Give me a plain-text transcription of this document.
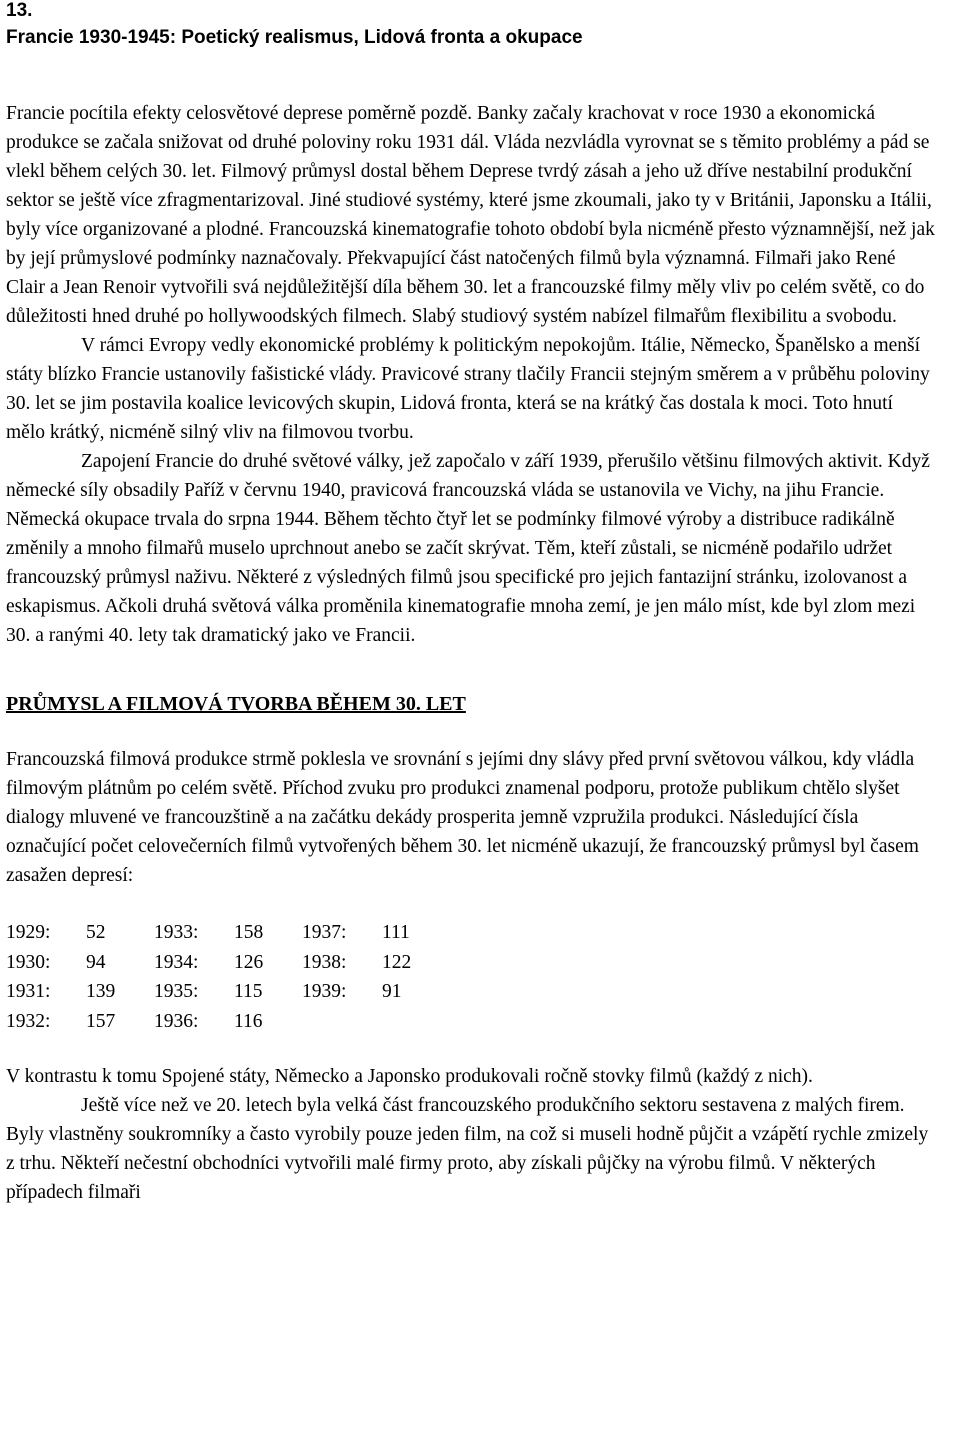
13.

Francie 1930-1945: Poetický realismus, Lidová fronta a okupace

Francie pocítila efekty celosvětové deprese poměrně pozdě. Banky začaly krachovat v roce 1930 a ekonomická produkce se začala snižovat od druhé poloviny roku 1931 dál. Vláda nezvládla vyrovnat se s těmito problémy a pád se vlekl během celých 30. let. Filmový průmysl dostal během Deprese tvrdý zásah a jeho už dříve nestabilní produkční sektor se ještě více zfragmentarizoval. Jiné studiové systémy, které jsme zkoumali, jako ty v Británii, Japonsku a Itálii, byly více organizované a plodné. Francouzská kinematografie tohoto období byla nicméně přesto významnější, než jak by její průmyslové podmínky naznačovaly. Překvapující část natočených filmů byla významná. Filmaři jako René Clair a Jean Renoir vytvořili svá nejdůležitější díla během 30. let a francouzské filmy měly vliv po celém světě, co do důležitosti hned druhé po hollywoodských filmech. Slabý studiový systém nabízel filmařům flexibilitu a svobodu.

V rámci Evropy vedly ekonomické problémy k politickým nepokojům. Itálie, Německo, Španělsko a menší státy blízko Francie ustanovily fašistické vlády. Pravicové strany tlačily Francii stejným směrem a v průběhu poloviny 30. let se jim postavila koalice levicových skupin, Lidová fronta, která se na krátký čas dostala k moci. Toto hnutí mělo krátký, nicméně silný vliv na filmovou tvorbu.

Zapojení Francie do druhé světové války, jež započalo v září 1939, přerušilo většinu filmových aktivit. Když německé síly obsadily Paříž v červnu 1940, pravicová francouzská vláda se ustanovila ve Vichy, na jihu Francie. Německá okupace trvala do srpna 1944. Během těchto čtyř let se podmínky filmové výroby a distribuce radikálně změnily a mnoho filmařů muselo uprchnout anebo se začít skrývat. Těm, kteří zůstali, se nicméně podařilo udržet francouzský průmysl naživu. Některé z výsledných filmů jsou specifické pro jejich fantazijní stránku, izolovanost a eskapismus. Ačkoli druhá světová válka proměnila kinematografie mnoha zemí, je jen málo míst, kde byl zlom mezi 30. a ranými 40. lety tak dramatický jako ve Francii.

PRŮMYSL A FILMOVÁ TVORBA BĚHEM 30. LET

Francouzská filmová produkce strmě poklesla ve srovnání s jejími dny slávy před první světovou válkou, kdy vládla filmovým plátnům po celém světě. Příchod zvuku pro produkci znamenal podporu, protože publikum chtělo slyšet dialogy mluvené ve francouzštině a na začátku dekády prosperita jemně vzpružila produkci. Následující čísla označující počet celovečerních filmů vytvořených během 30. let nicméně ukazují, že francouzský průmysl byl časem zasažen depresí:

1929:	52	1933:	158	1937:	111
1930:	94	1934:	126	1938:	122
1931:	139	1935:	115	1939:	91
1932:	157	1936:	116

V kontrastu k tomu Spojené státy, Německo a Japonsko produkovali ročně stovky filmů (každý z nich).

Ještě více než ve 20. letech byla velká část francouzského produkčního sektoru sestavena z malých firem. Byly vlastněny soukromníky a často vyrobily pouze jeden film, na což si museli hodně půjčit a vzápětí rychle zmizely z trhu. Někteří nečestní obchodníci vytvořili malé firmy proto, aby získali půjčky na výrobu filmů. V některých případech filmaři
